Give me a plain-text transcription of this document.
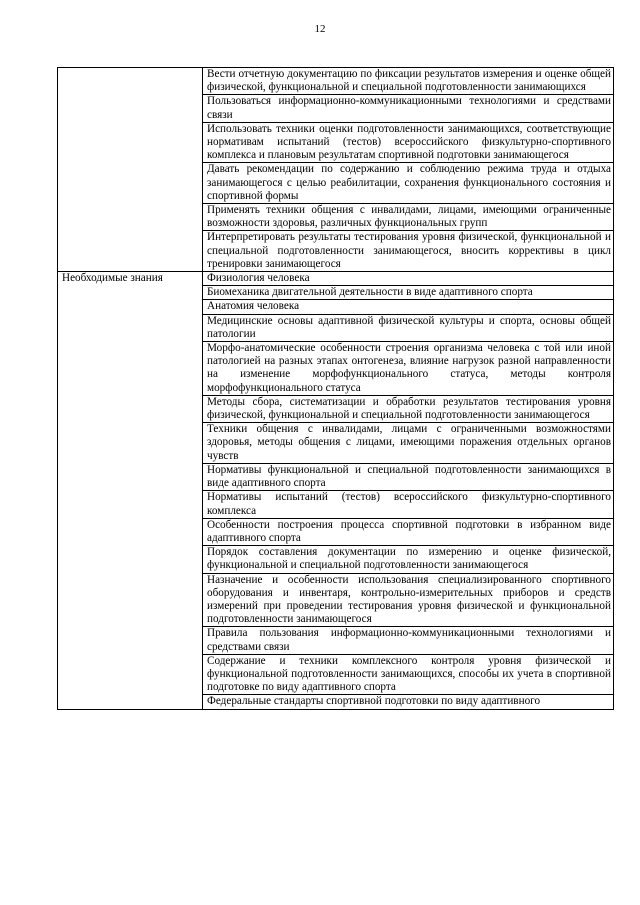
12
	Вести отчетную документацию по фиксации результатов измерения и оценке общей физической, функциональной и специальной подготовленности занимающихся
	Пользоваться информационно-коммуникационными технологиями и средствами связи
	Использовать техники оценки подготовленности занимающихся, соответствующие нормативам испытаний (тестов) всероссийского физкультурно-спортивного комплекса и плановым результатам спортивной подготовки занимающегося
	Давать рекомендации по содержанию и соблюдению режима труда и отдыха занимающегося с целью реабилитации, сохранения функционального состояния и спортивной формы
	Применять техники общения с инвалидами, лицами, имеющими ограниченные возможности здоровья, различных функциональных групп
	Интерпретировать результаты тестирования уровня физической, функциональной и специальной подготовленности занимающегося, вносить коррективы в цикл тренировки занимающегося
Необходимые знания	Физиология человека
	Биомеханика двигательной деятельности в виде адаптивного спорта
	Анатомия человека
	Медицинские основы адаптивной физической культуры и спорта, основы общей патологии
	Морфо-анатомические особенности строения организма человека с той или иной патологией на разных этапах онтогенеза, влияние нагрузок разной направленности на изменение морфофункционального статуса, методы контроля морфофункционального статуса
	Методы сбора, систематизации и обработки результатов тестирования уровня физической, функциональной и специальной подготовленности занимающегося
	Техники общения с инвалидами, лицами с ограниченными возможностями здоровья, методы общения с лицами, имеющими поражения отдельных органов чувств
	Нормативы функциональной и специальной подготовленности занимающихся в виде адаптивного спорта
	Нормативы испытаний (тестов) всероссийского физкультурно-спортивного комплекса
	Особенности построения процесса спортивной подготовки в избранном виде адаптивного спорта
	Порядок составления документации по измерению и оценке физической, функциональной и специальной подготовленности занимающегося
	Назначение и особенности использования специализированного спортивного оборудования и инвентаря, контрольно-измерительных приборов и средств измерений при проведении тестирования уровня физической и функциональной подготовленности занимающегося
	Правила пользования информационно-коммуникационными технологиями и средствами связи
	Содержание и техники комплексного контроля уровня физической и функциональной подготовленности занимающихся, способы их учета в спортивной подготовке по виду адаптивного спорта
	Федеральные стандарты спортивной подготовки по виду адаптивного
